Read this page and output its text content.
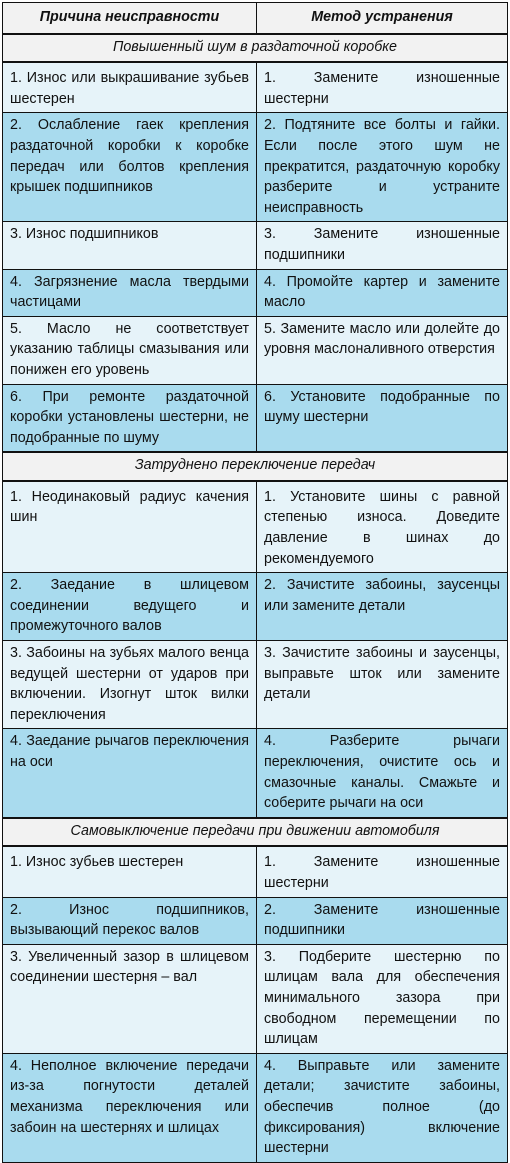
Причина неисправности	Метод устранения
Повышенный шум в раздаточной коробке	
1. Износ или выкрашивание зубьев шестерен	1. Замените изношенные шестерни
2. Ослабление гаек крепления раздаточной коробки к коробке передач или болтов крепления крышек подшипников	2. Подтяните все болты и гайки. Если после этого шум не прекратится, раздаточную коробку разберите и устраните неисправность
3. Износ подшипников	3. Замените изношенные подшипники
4. Загрязнение масла твердыми частицами	4. Промойте картер и замените масло
5. Масло не соответствует указанию таблицы смазывания или понижен его уровень	5. Замените масло или долейте до уровня маслоналивного отверстия
6. При ремонте раздаточной коробки установлены шестерни, не подобранные по шуму	6. Установите подобранные по шуму шестерни
Затруднено переключение передач	
1. Неодинаковый радиус качения шин	1. Установите шины с равной степенью износа. Доведите давление в шинах до рекомендуемого
2. Заедание в шлицевом соединении ведущего и промежуточного валов	2. Зачистите забоины, заусенцы или замените детали
3. Забоины на зубьях малого венца ведущей шестерни от ударов при включении. Изогнут шток вилки переключения	3. Зачистите забоины и заусенцы, выправьте шток или замените детали
4. Заедание рычагов переключения на оси	4. Разберите рычаги переключения, очистите ось и смазочные каналы. Смажьте и соберите рычаги на оси
Самовыключение передачи при движении автомобиля	
1. Износ зубьев шестерен	1. Замените изношенные шестерни
2. Износ подшипников, вызывающий перекос валов	2. Замените изношенные подшипники
3. Увеличенный зазор в шлицевом соединении шестерня – вал	3. Подберите шестерню по шлицам вала для обеспечения минимального зазора при свободном перемещении по шлицам
4. Неполное включение передачи из-за погнутости деталей механизма переключения или забоин на шестернях и шлицах	4. Выправьте или замените детали; зачистите забоины, обеспечив полное (до фиксирования) включение шестерни
